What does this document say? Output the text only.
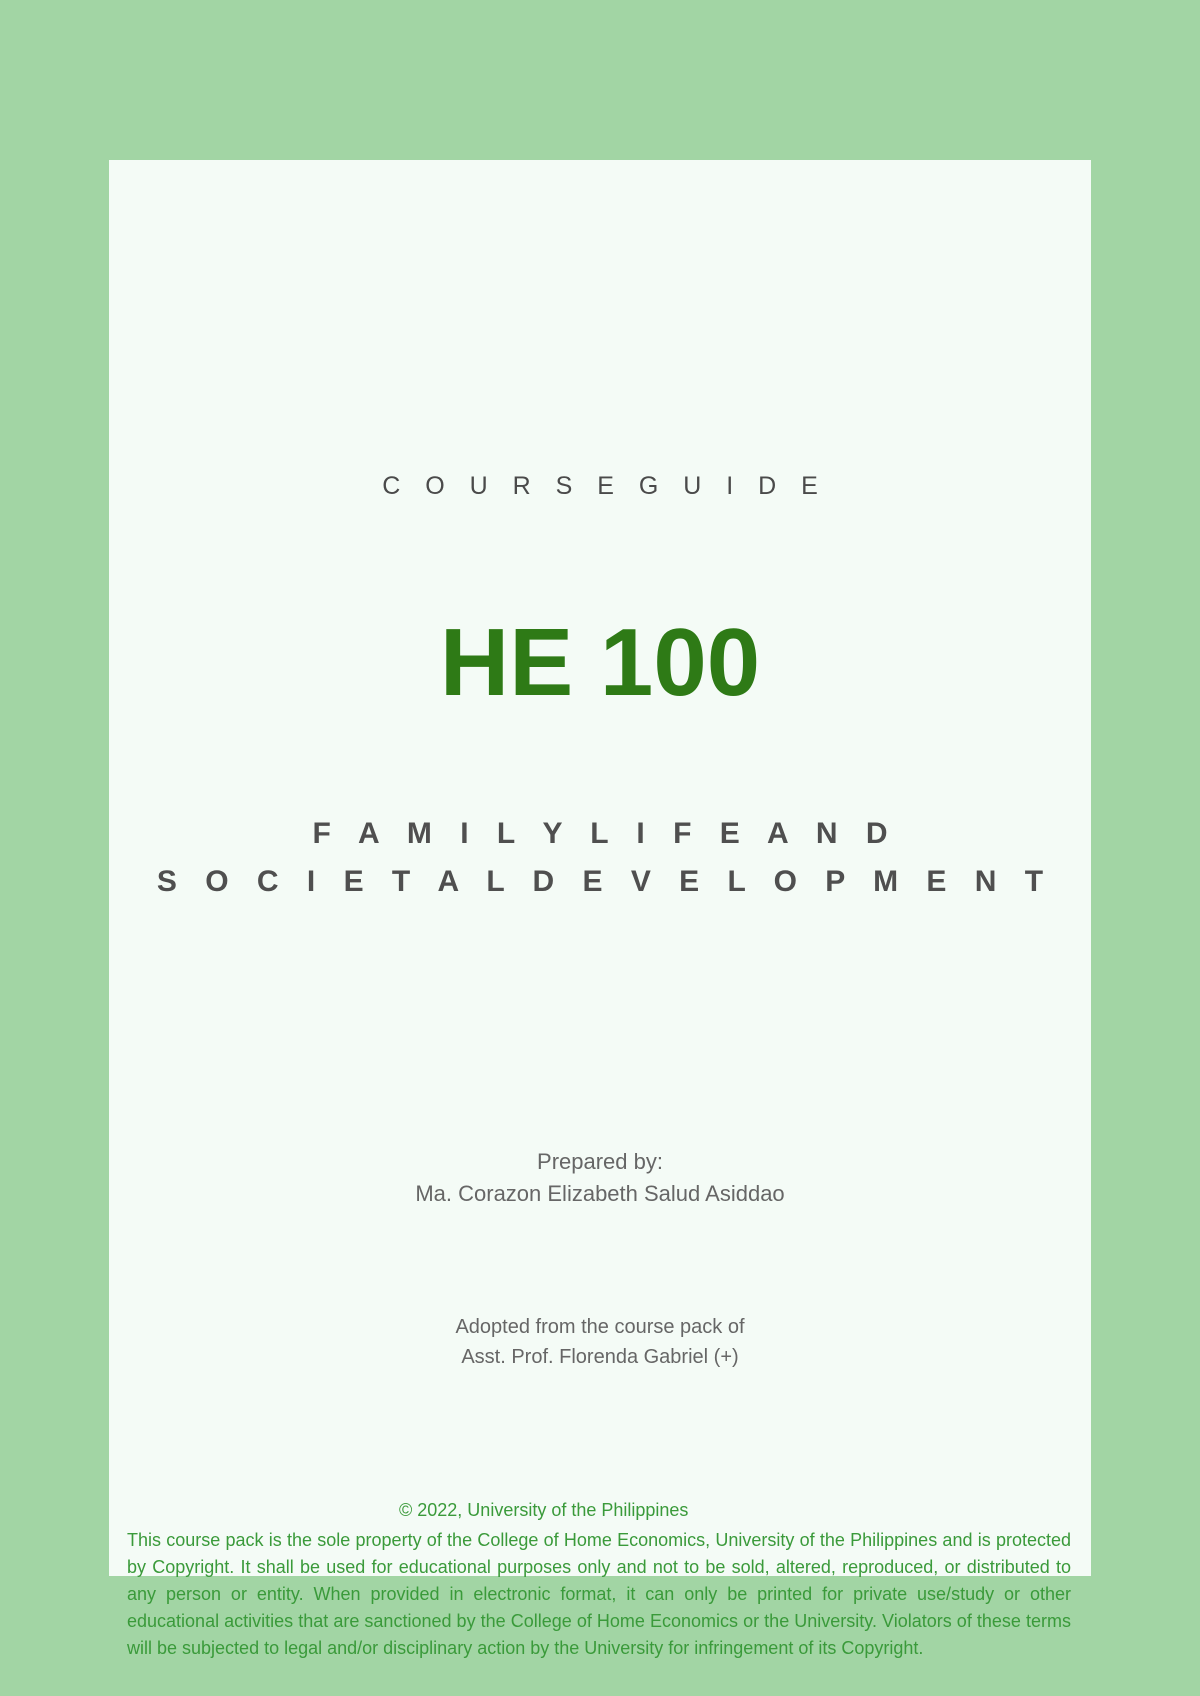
C O U R S E G U I D E
HE 100
F A M I L Y L I F E A N D
S O C I E T A L D E V E L O P M E N T
Prepared by:
Ma. Corazon Elizabeth Salud Asiddao
Adopted from the course pack of
Asst. Prof. Florenda Gabriel (+)
© 2022, University of the Philippines
This course pack is the sole property of the College of Home Economics, University of the Philippines and is protected by Copyright. It shall be used for educational purposes only and not to be sold, altered, reproduced, or distributed to any person or entity. When provided in electronic format, it can only be printed for private use/study or other educational activities that are sanctioned by the College of Home Economics or the University. Violators of these terms will be subjected to legal and/or disciplinary action by the University for infringement of its Copyright.
